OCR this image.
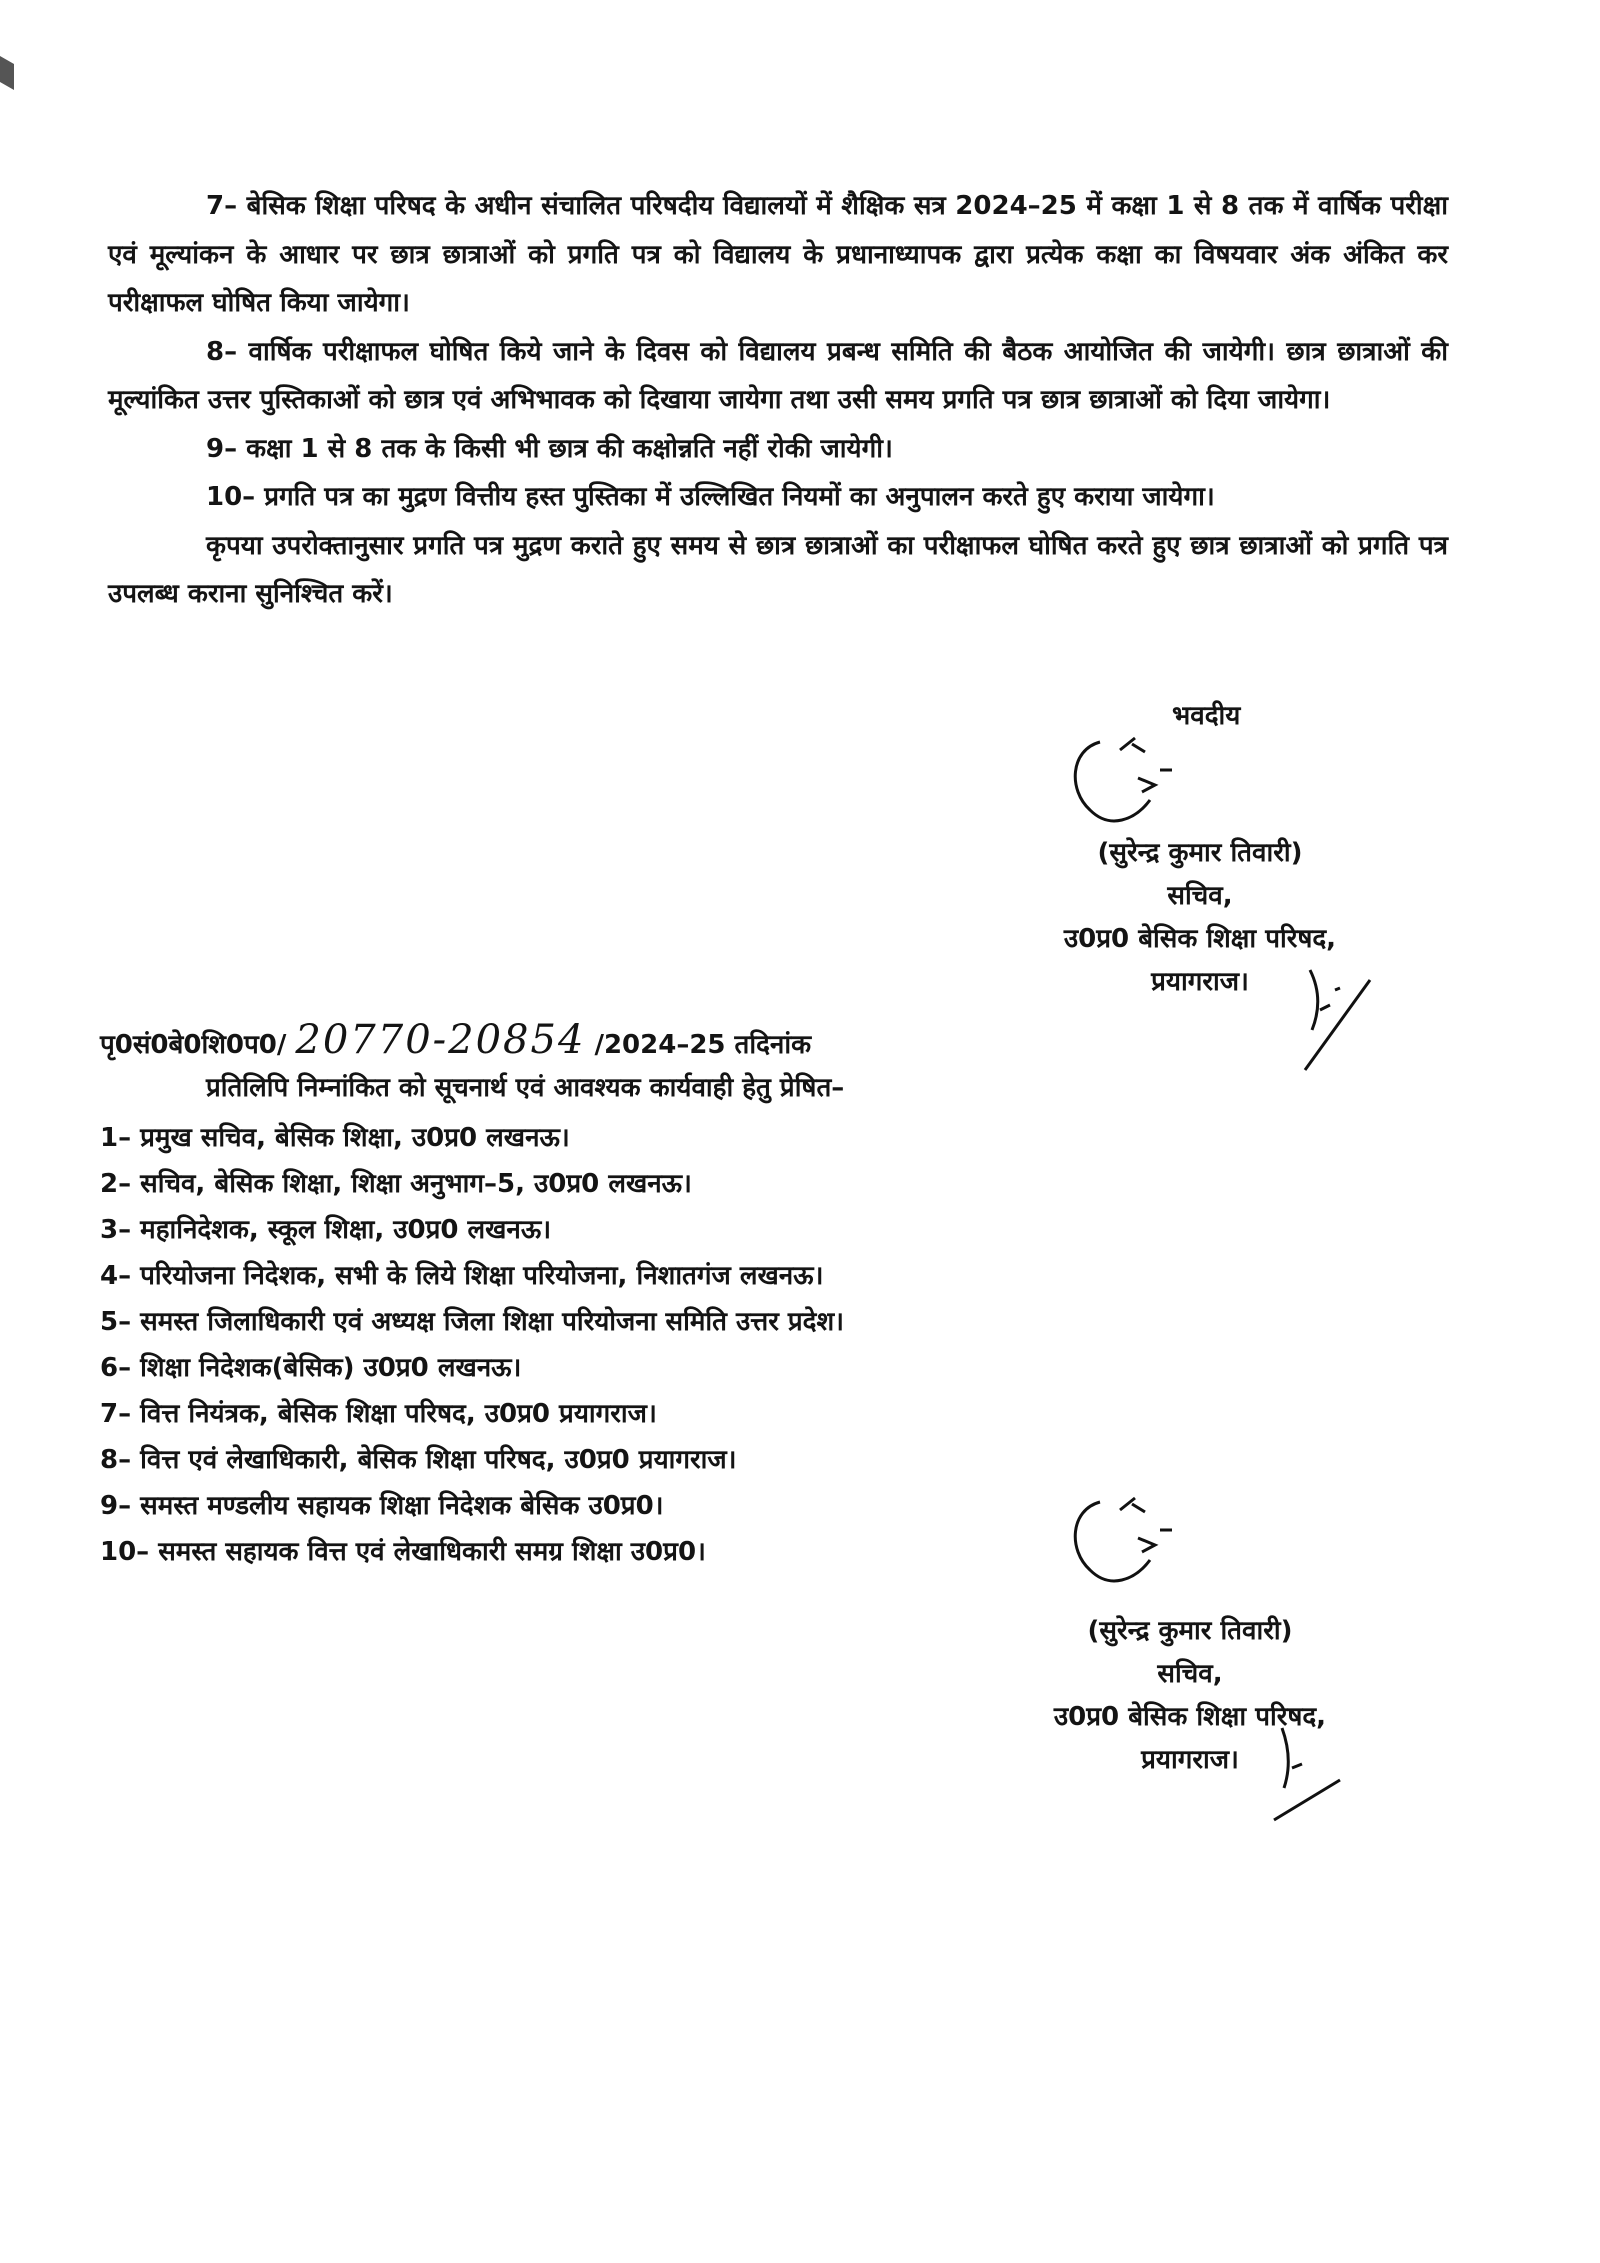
7– बेसिक शिक्षा परिषद के अधीन संचालित परिषदीय विद्यालयों में शैक्षिक सत्र 2024–25 में कक्षा 1 से 8 तक में वार्षिक परीक्षा एवं मूल्यांकन के आधार पर छात्र छात्राओं को प्रगति पत्र को विद्यालय के प्रधानाध्यापक द्वारा प्रत्येक कक्षा का विषयवार अंक अंकित कर परीक्षाफल घोषित किया जायेगा।

8– वार्षिक परीक्षाफल घोषित किये जाने के दिवस को विद्यालय प्रबन्ध समिति की बैठक आयोजित की जायेगी। छात्र छात्राओं की मूल्यांकित उत्तर पुस्तिकाओं को छात्र एवं अभिभावक को दिखाया जायेगा तथा उसी समय प्रगति पत्र छात्र छात्राओं को दिया जायेगा।

9– कक्षा 1 से 8 तक के किसी भी छात्र की कक्षोन्नति नहीं रोकी जायेगी।

10– प्रगति पत्र का मुद्रण वित्तीय हस्त पुस्तिका में उल्लिखित नियमों का अनुपालन करते हुए कराया जायेगा।

कृपया उपरोक्तानुसार प्रगति पत्र मुद्रण कराते हुए समय से छात्र छात्राओं का परीक्षाफल घोषित करते हुए छात्र छात्राओं को प्रगति पत्र उपलब्ध कराना सुनिश्चित करें।

भवदीय
(सुरेन्द्र कुमार तिवारी)
सचिव,
उ0प्र0 बेसिक शिक्षा परिषद,
प्रयागराज।
पृ0सं0बे0शि0प0/ 20770-20854 /2024–25 तदिनांक
प्रतिलिपि निम्नांकित को सूचनार्थ एवं आवश्यक कार्यवाही हेतु प्रेषित–
1– प्रमुख सचिव, बेसिक शिक्षा, उ0प्र0 लखनऊ।
2– सचिव, बेसिक शिक्षा, शिक्षा अनुभाग–5, उ0प्र0 लखनऊ।
3– महानिदेशक, स्कूल शिक्षा, उ0प्र0 लखनऊ।
4– परियोजना निदेशक, सभी के लिये शिक्षा परियोजना, निशातगंज लखनऊ।
5– समस्त जिलाधिकारी एवं अध्यक्ष जिला शिक्षा परियोजना समिति उत्तर प्रदेश।
6– शिक्षा निदेशक(बेसिक) उ0प्र0 लखनऊ।
7– वित्त नियंत्रक, बेसिक शिक्षा परिषद, उ0प्र0 प्रयागराज।
8– वित्त एवं लेखाधिकारी, बेसिक शिक्षा परिषद, उ0प्र0 प्रयागराज।
9– समस्त मण्डलीय सहायक शिक्षा निदेशक बेसिक उ0प्र0।
10– समस्त सहायक वित्त एवं लेखाधिकारी समग्र शिक्षा उ0प्र0।
(सुरेन्द्र कुमार तिवारी)
सचिव,
उ0प्र0 बेसिक शिक्षा परिषद,
प्रयागराज।
